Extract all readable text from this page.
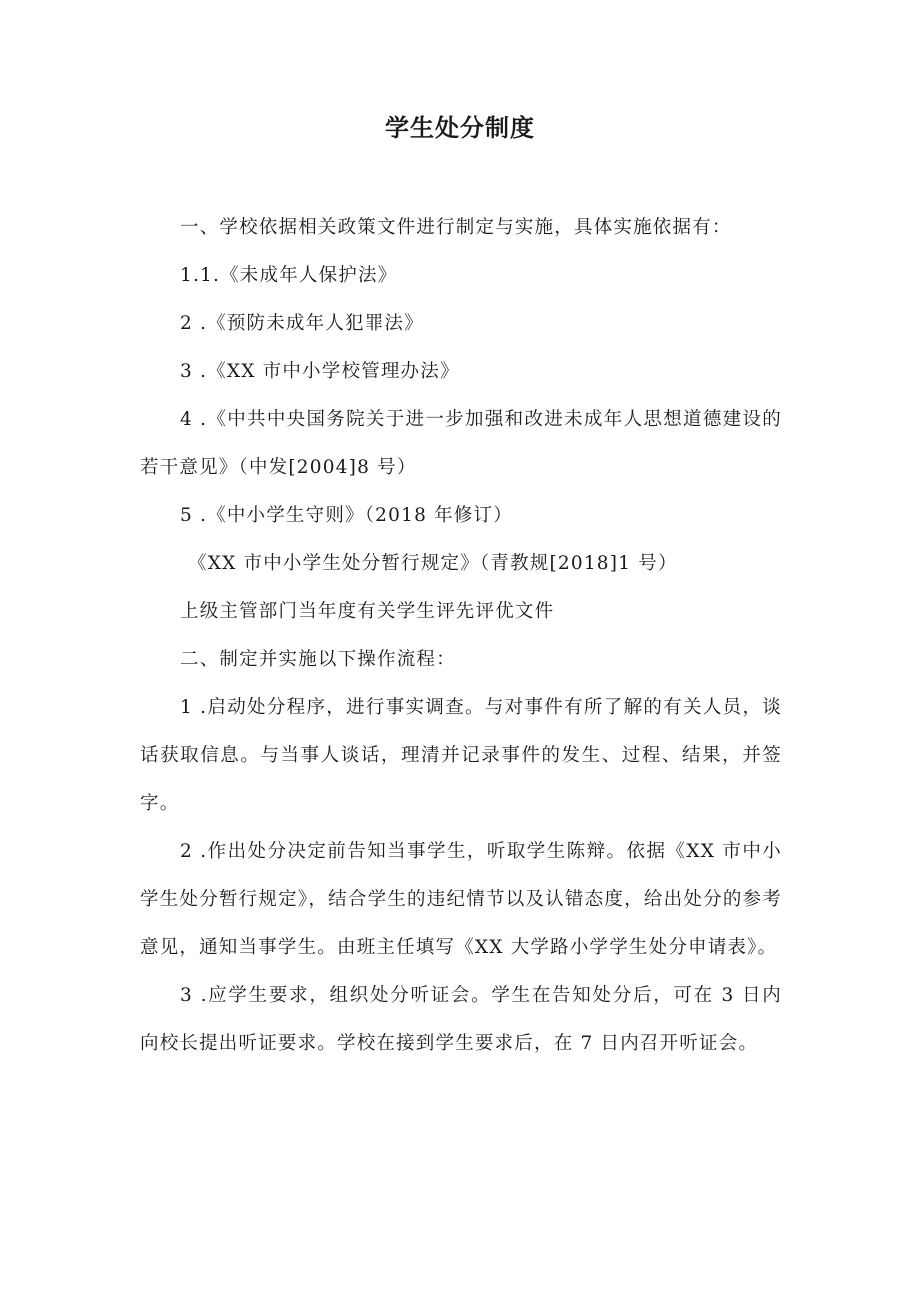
学生处分制度

一、学校依据相关政策文件进行制定与实施，具体实施依据有：

1.1.《未成年人保护法》

2 .《预防未成年人犯罪法》

3 .《XX 市中小学校管理办法》

4 .《中共中央国务院关于进一步加强和改进未成年人思想道德建设的若干意见》（中发[2004]8 号）

5 .《中小学生守则》（2018 年修订）

《XX 市中小学生处分暂行规定》（青教规[2018]1 号）

上级主管部门当年度有关学生评先评优文件

二、制定并实施以下操作流程：

1 .启动处分程序，进行事实调查。与对事件有所了解的有关人员，谈话获取信息。与当事人谈话，理清并记录事件的发生、过程、结果，并签字。

2 .作出处分决定前告知当事学生，听取学生陈辩。依据《XX 市中小学生处分暂行规定》，结合学生的违纪情节以及认错态度，给出处分的参考意见，通知当事学生。由班主任填写《XX 大学路小学学生处分申请表》。

3 .应学生要求，组织处分听证会。学生在告知处分后，可在 3 日内向校长提出听证要求。学校在接到学生要求后，在 7 日内召开听证会。
